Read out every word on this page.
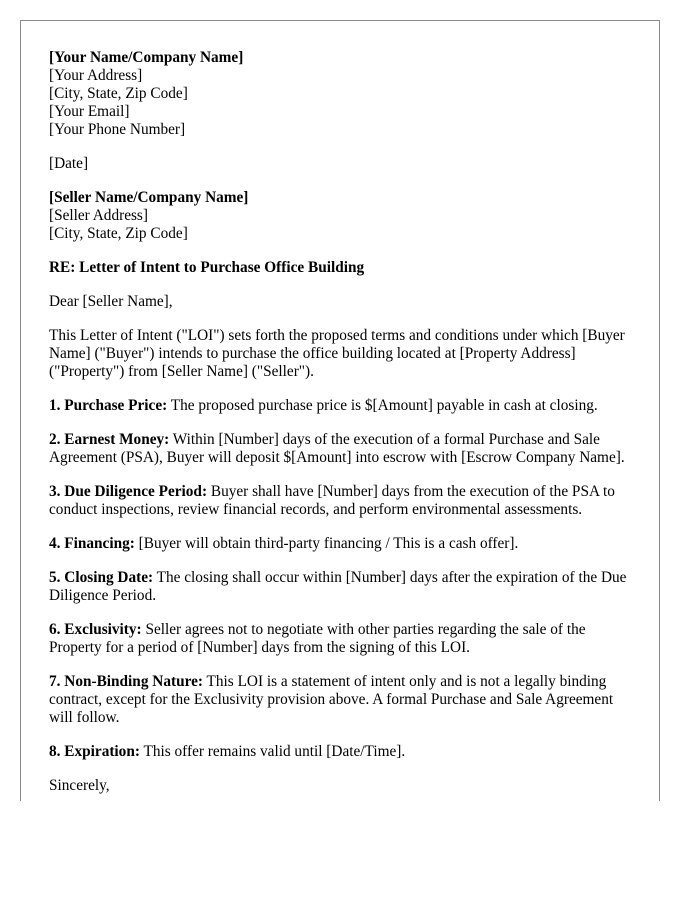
[Your Name/Company Name]
[Your Address]
[City, State, Zip Code]
[Your Email]
[Your Phone Number]

[Date]

[Seller Name/Company Name]
[Seller Address]
[City, State, Zip Code]

RE: Letter of Intent to Purchase Office Building

Dear [Seller Name],

This Letter of Intent ("LOI") sets forth the proposed terms and conditions under which [Buyer Name] ("Buyer") intends to purchase the office building located at [Property Address] ("Property") from [Seller Name] ("Seller").

1. Purchase Price: The proposed purchase price is $[Amount] payable in cash at closing.

2. Earnest Money: Within [Number] days of the execution of a formal Purchase and Sale Agreement (PSA), Buyer will deposit $[Amount] into escrow with [Escrow Company Name].

3. Due Diligence Period: Buyer shall have [Number] days from the execution of the PSA to conduct inspections, review financial records, and perform environmental assessments.

4. Financing: [Buyer will obtain third-party financing / This is a cash offer].

5. Closing Date: The closing shall occur within [Number] days after the expiration of the Due Diligence Period.

6. Exclusivity: Seller agrees not to negotiate with other parties regarding the sale of the Property for a period of [Number] days from the signing of this LOI.

7. Non-Binding Nature: This LOI is a statement of intent only and is not a legally binding contract, except for the Exclusivity provision above. A formal Purchase and Sale Agreement will follow.

8. Expiration: This offer remains valid until [Date/Time].

Sincerely,
